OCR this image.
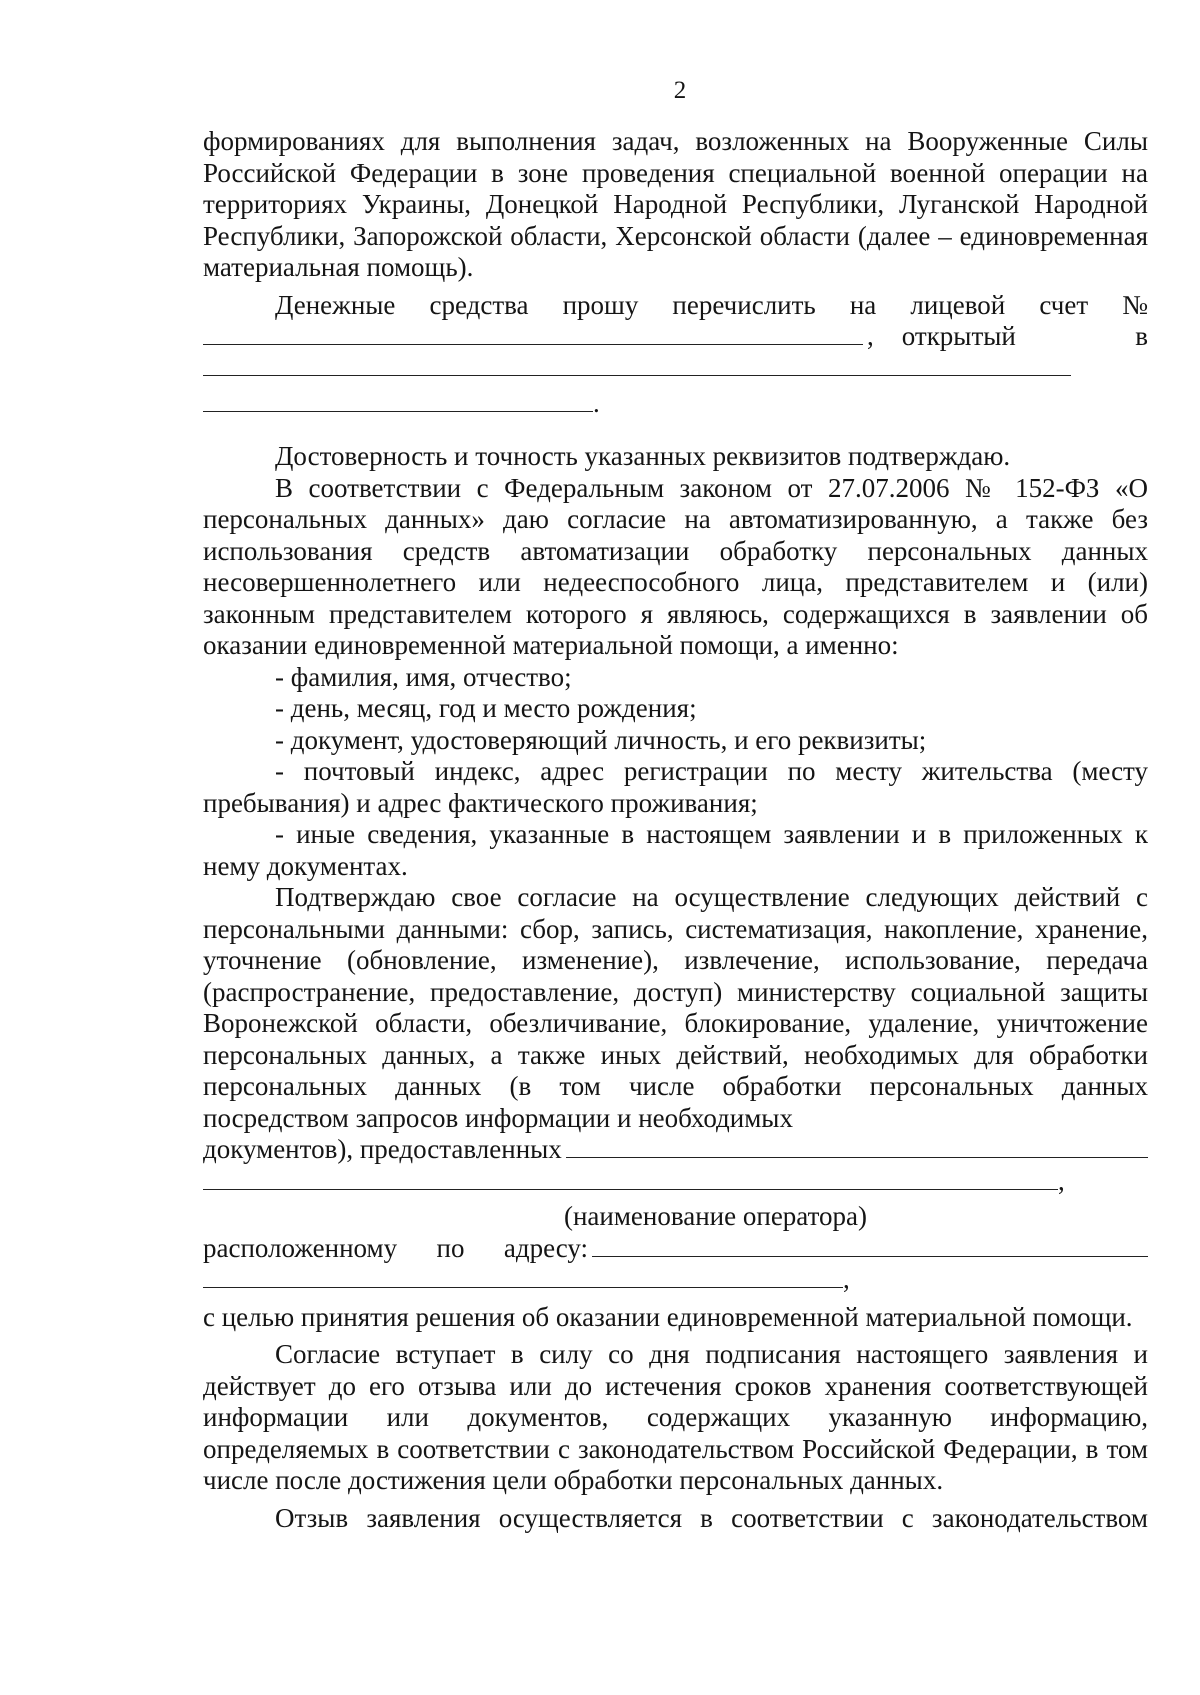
2

формированиях для выполнения задач, возложенных на Вооруженные Силы Российской Федерации в зоне проведения специальной военной операции на территориях Украины, Донецкой Народной Республики, Луганской Народной Республики, Запорожской области, Херсонской области (далее – единовременная материальная помощь).

Денежные средства прошу перечислить на лицевой счет №

, открытый в
.

Достоверность и точность указанных реквизитов подтверждаю.

В соответствии с Федеральным законом от 27.07.2006 № 152-ФЗ «О персональных данных» даю согласие на автоматизированную, а также без использования средств автоматизации обработку персональных данных несовершеннолетнего или недееспособного лица, представителем и (или) законным представителем которого я являюсь, содержащихся в заявлении об оказании единовременной материальной помощи, а именно:

- фамилия, имя, отчество;

- день, месяц, год и место рождения;

- документ, удостоверяющий личность, и его реквизиты;

- почтовый индекс, адрес регистрации по месту жительства (месту пребывания) и адрес фактического проживания;

- иные сведения, указанные в настоящем заявлении и в приложенных к нему документах.

Подтверждаю свое согласие на осуществление следующих действий с персональными данными: сбор, запись, систематизация, накопление, хранение, уточнение (обновление, изменение), извлечение, использование, передача (распространение, предоставление, доступ) министерству социальной защиты Воронежской области, обезличивание, блокирование, удаление, уничтожение персональных данных, а также иных действий, необходимых для обработки персональных данных (в том числе обработки персональных данных посредством запросов информации и необходимых

документов), предоставленных
,
(наименование оператора)
расположенному по адресу:
,

с целью принятия решения об оказании единовременной материальной помощи.

Согласие вступает в силу со дня подписания настоящего заявления и действует до его отзыва или до истечения сроков хранения соответствующей информации или документов, содержащих указанную информацию, определяемых в соответствии с законодательством Российской Федерации, в том числе после достижения цели обработки персональных данных.

Отзыв заявления осуществляется в соответствии с законодательством
